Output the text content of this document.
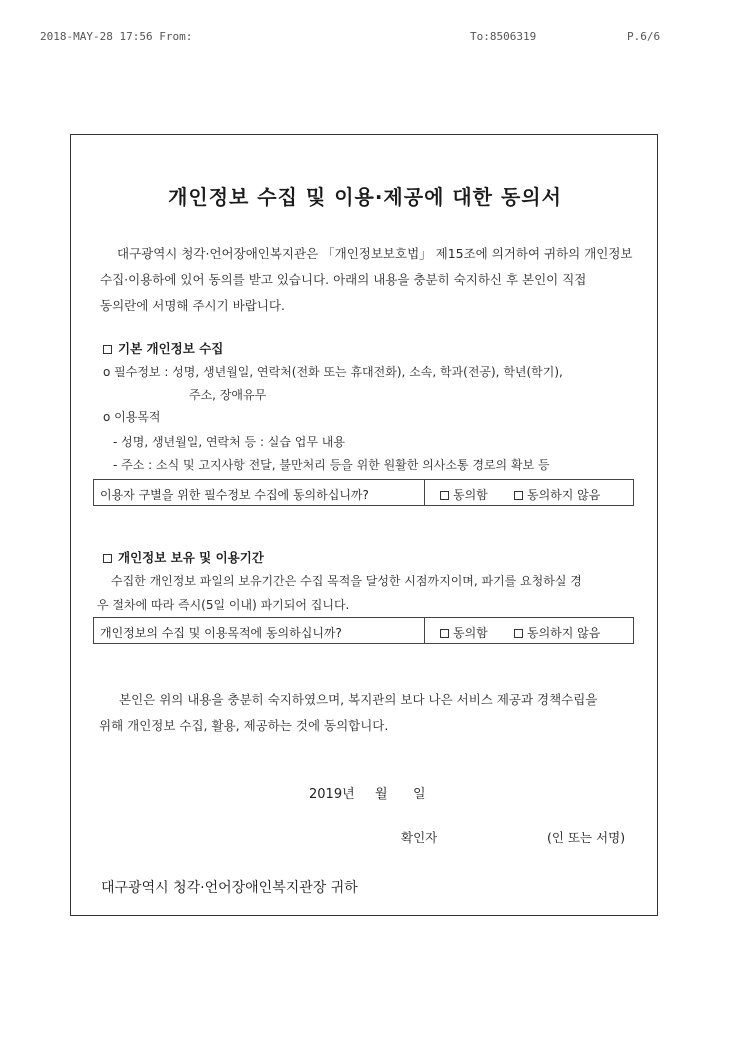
2018-MAY-28 17:56 From:	To:8506319	P.6/6
개인정보 수집 및 이용·제공에 대한 동의서
대구광역시 청각·언어장애인복지관은 「개인정보보호법」 제15조에 의거하여 귀하의 개인정보
수집·이용하에 있어 동의를 받고 있습니다. 아래의 내용을 충분히 숙지하신 후 본인이 직접
동의란에 서명해 주시기 바랍니다.
기본 개인정보 수집
o 필수정보 : 성명, 생년월일, 연락처(전화 또는 휴대전화), 소속, 학과(전공), 학년(학기),
주소, 장애유무
o 이용목적
- 성명, 생년월일, 연락처 등 : 실습 업무 내용
- 주소 : 소식 및 고지사항 전달, 불만처리 등을 위한 원활한 의사소통 경로의 확보 등
이용자 구별을 위한 필수정보 수집에 동의하십니까?	동의함	동의하지 않음
개인정보 보유 및 이용기간
수집한 개인정보 파일의 보유기간은 수집 목적을 달성한 시점까지이며, 파기를 요청하실 경
우 절차에 따라 즉시(5일 이내) 파기되어 집니다.
개인정보의 수집 및 이용목적에 동의하십니까?	동의함	동의하지 않음
본인은 위의 내용을 충분히 숙지하였으며, 복지관의 보다 나은 서비스 제공과 경책수립을
위해 개인정보 수집, 활용, 제공하는 것에 동의합니다.
2019년 월 일
확인자	(인 또는 서명)
대구광역시 청각·언어장애인복지관장 귀하
